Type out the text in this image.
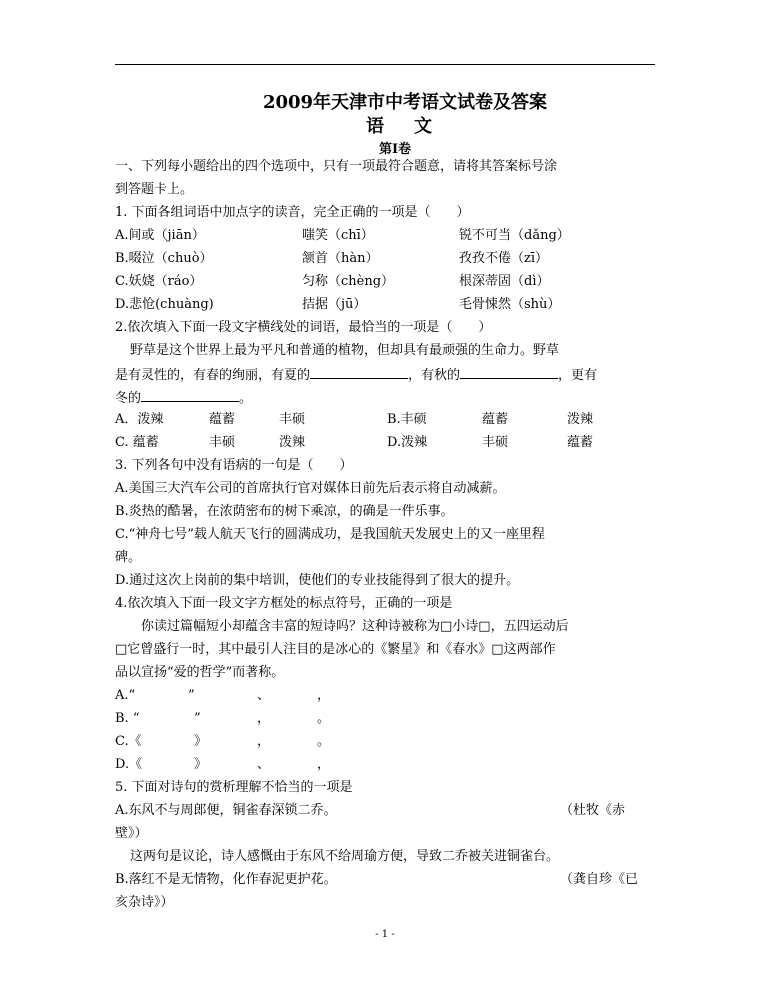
2009年天津市中考语文试卷及答案
语文
第Ⅰ卷
一、下列每小题给出的四个选项中，只有一项最符合题意，请将其答案标号涂
到答题卡上。
1. 下面各组词语中加点字的读音，完全正确的一项是（　　）
A.间或（jiān）	嗤笑（chī）	锐不可当（dǎng）
B.啜泣（chuò）	颔首（hàn）	孜孜不倦（zī）
C.妖娆（ráo）	匀称（chèng）	根深蒂固（dì）
D.悲怆(chuàng)	拮据（jū）	毛骨悚然（shù）
2.依次填入下面一段文字横线处的词语，最恰当的一项是（　　）
野草是这个世界上最为平凡和普通的植物，但却具有最顽强的生命力。野草
是有灵性的，有春的绚丽，有夏的	，有秋的	，更有
冬的	。
A．泼辣	蕴蓄	丰硕	B.丰硕	蕴蓄	泼辣
C. 蕴蓄	丰硕	泼辣	D.泼辣	丰硕	蕴蓄
3. 下列各句中没有语病的一句是（　　）
A.美国三大汽车公司的首席执行官对媒体日前先后表示将自动减薪。
B.炎热的酷暑，在浓荫密布的树下乘凉，的确是一件乐事。
C.“神舟七号”载人航天飞行的圆满成功，是我国航天发展史上的又一座里程
碑。
D.通过这次上岗前的集中培训，使他们的专业技能得到了很大的提升。
4.依次填入下面一段文字方框处的标点符号，正确的一项是
你读过篇幅短小却蕴含丰富的短诗吗？这种诗被称为□小诗□，五四运动后
□它曾盛行一时，其中最引人注目的是冰心的《繁星》和《春水》□这两部作
品以宣扬“爱的哲学”而著称。
A.“	”	、	，
B. “	”	，	。
C.《	》	，	。
D.《	》	、	，
5. 下面对诗句的赏析理解不恰当的一项是
A.东风不与周郎便，铜雀春深锁二乔。	（杜牧《赤
壁》）
这两句是议论，诗人感慨由于东风不给周瑜方便，导致二乔被关进铜雀台。
B.落红不是无情物，化作春泥更护花。	（龚自珍《已
亥杂诗》）
- 1 -
